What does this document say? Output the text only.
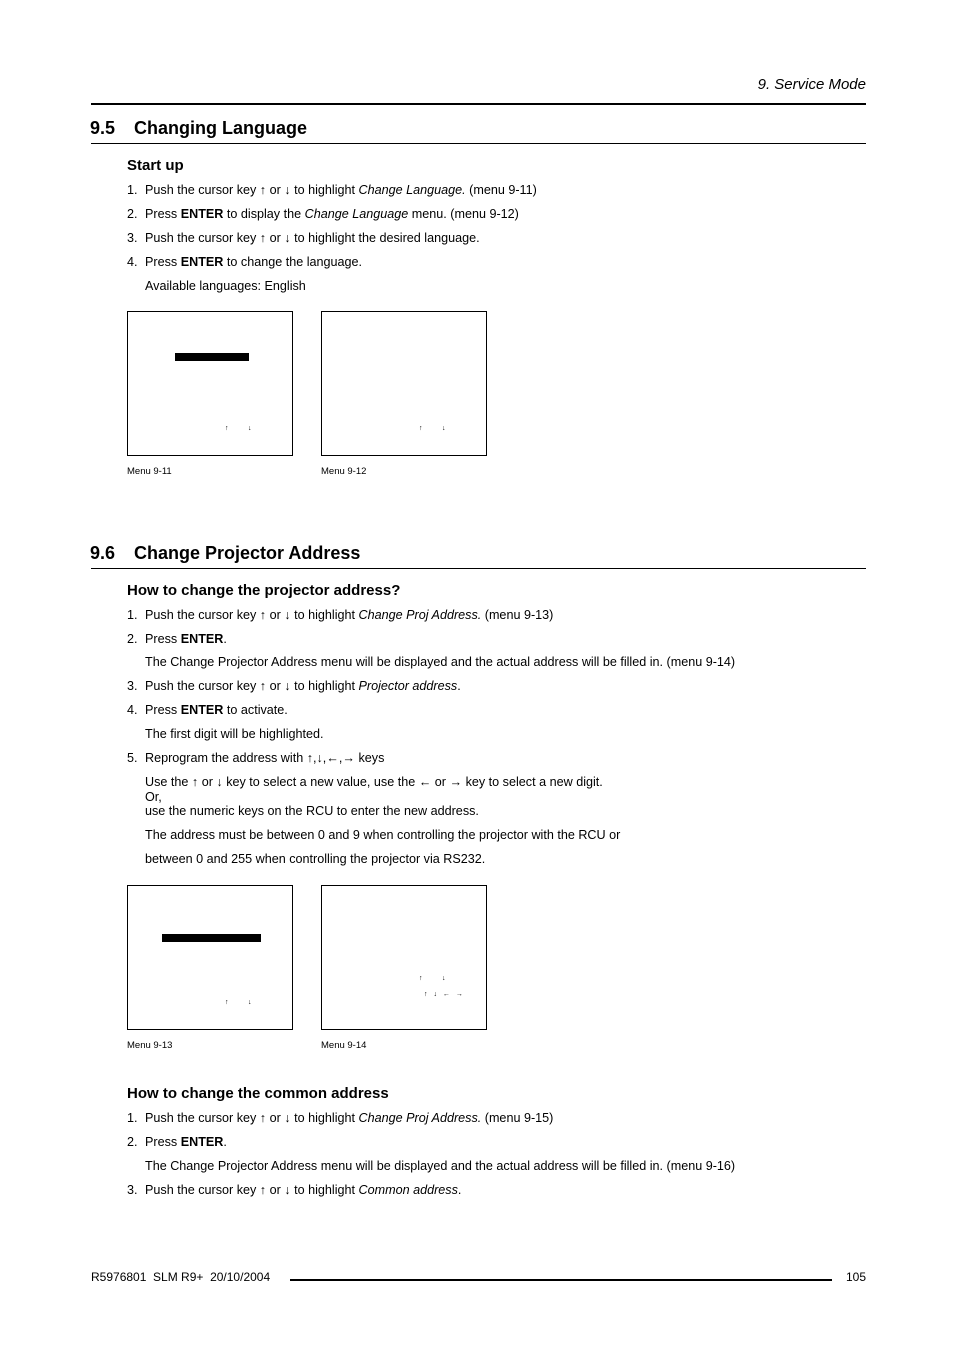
9. Service Mode
9.5 Changing Language
Start up
1. Push the cursor key ↑ or ↓ to highlight Change Language. (menu 9-11)
2. Press ENTER to display the Change Language menu. (menu 9-12)
3. Push the cursor key ↑ or ↓ to highlight the desired language.
4. Press ENTER to change the language.
Available languages: English
↑	↓
Menu 9-11
↑	↓
Menu 9-12
9.6 Change Projector Address
How to change the projector address?
1. Push the cursor key ↑ or ↓ to highlight Change Proj Address. (menu 9-13)
2. Press ENTER.
The Change Projector Address menu will be displayed and the actual address will be filled in. (menu 9-14)
3. Push the cursor key ↑ or ↓ to highlight Projector address.
4. Press ENTER to activate.
The first digit will be highlighted.
5. Reprogram the address with ↑,↓,←,→ keys
Use the ↑ or ↓ key to select a new value, use the ← or → key to select a new digit.
Or,
use the numeric keys on the RCU to enter the new address.
The address must be between 0 and 9 when controlling the projector with the RCU or
between 0 and 255 when controlling the projector via RS232.
↑	↓
Menu 9-13
↑	↓
↑ ↓ ← →
Menu 9-14
How to change the common address
1. Push the cursor key ↑ or ↓ to highlight Change Proj Address. (menu 9-15)
2. Press ENTER.
The Change Projector Address menu will be displayed and the actual address will be filled in. (menu 9-16)
3. Push the cursor key ↑ or ↓ to highlight Common address.
R5976801  SLM R9+  20/10/2004	105
